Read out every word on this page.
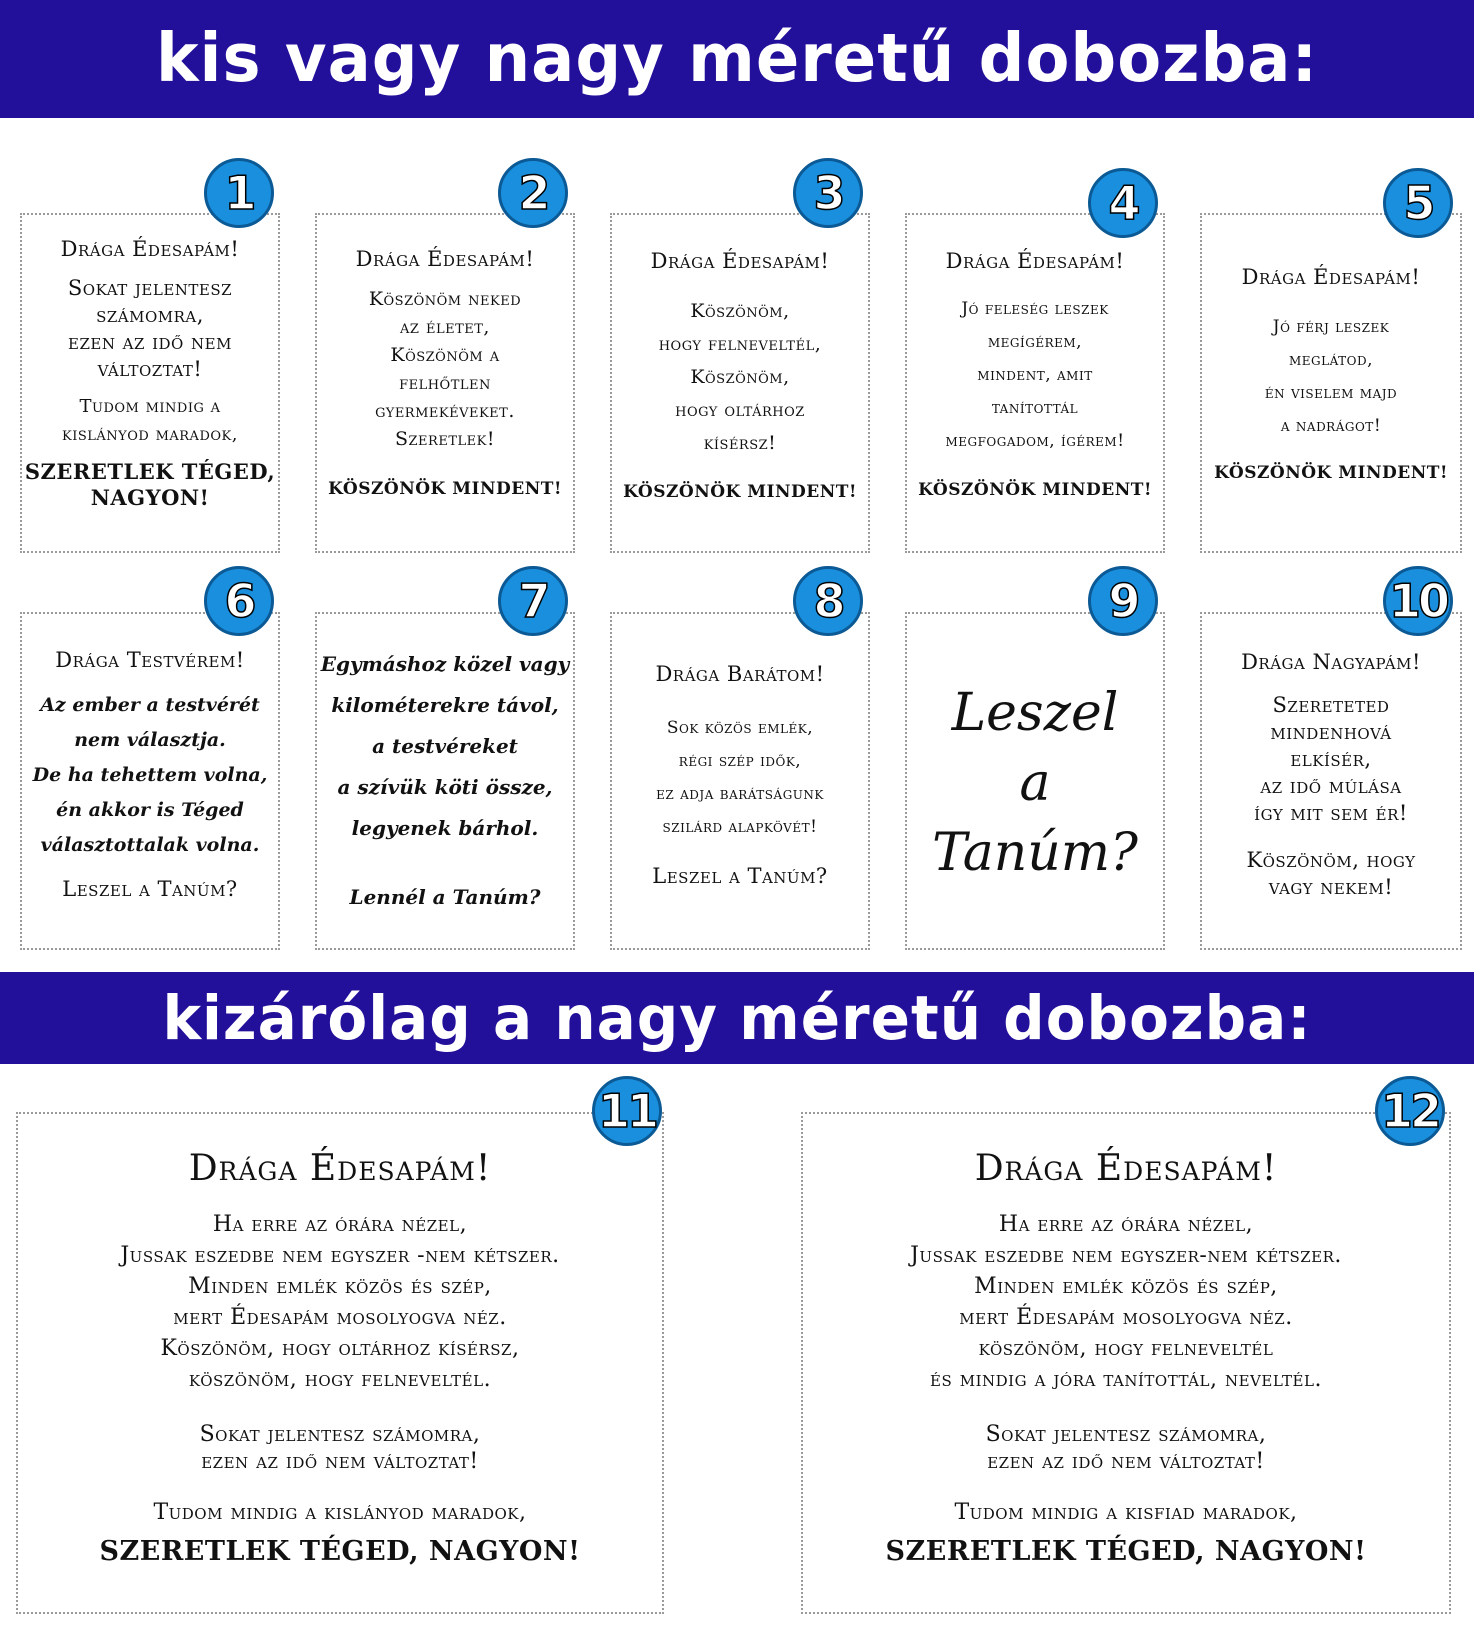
kis vagy nagy méretű dobozba:
kizárólag a nagy méretű dobozba:
Drága Édesapám!
Sokat jelentesz
számomra,
ezen az idő nem
változtat!
Tudom mindig a
kislányod maradok,
SZERETLEK TÉGED,
NAGYON!
Drága Édesapám!
Köszönöm neked
az életet,
Köszönöm a
felhőtlen
gyermekéveket.
Szeretlek!
KÖSZÖNÖK MINDENT!
Drága Édesapám!
Köszönöm,
hogy felneveltél,
Köszönöm,
hogy oltárhoz
kísérsz!
KÖSZÖNÖK MINDENT!
Drága Édesapám!
Jó feleség leszek
megígérem,
mindent, amit
tanítottál
megfogadom, ígérem!
KÖSZÖNÖK MINDENT!
Drága Édesapám!
Jó férj leszek
meglátod,
én viselem majd
a nadrágot!
KÖSZÖNÖK MINDENT!
Drága Testvérem!
Az ember a testvérét
nem választja.
De ha tehettem volna,
én akkor is Téged
választottalak volna.
Leszel a Tanúm?
Egymáshoz közel vagy
kilométerekre távol,
a testvéreket
a szívük köti össze,
legyenek bárhol.
Lennél a Tanúm?
Drága Barátom!
Sok közös emlék,
régi szép idők,
ez adja barátságunk
szilárd alapkövét!
Leszel a Tanúm?
Leszel
a
Tanúm?
Drága Nagyapám!
Szereteted
mindenhová
elkísér,
az idő múlása
így mit sem ér!
Köszönöm, hogy
vagy nekem!
Drága Édesapám!
Ha erre az órára nézel,
Jussak eszedbe nem egyszer -nem kétszer.
Minden emlék közös és szép,
mert Édesapám mosolyogva néz.
Köszönöm, hogy oltárhoz kísérsz,
köszönöm, hogy felneveltél.
Sokat jelentesz számomra,
ezen az idő nem változtat!
Tudom mindig a kislányod maradok,
SZERETLEK TÉGED, NAGYON!
Drága Édesapám!
Ha erre az órára nézel,
Jussak eszedbe nem egyszer-nem kétszer.
Minden emlék közös és szép,
mert Édesapám mosolyogva néz.
köszönöm, hogy felneveltél
és mindig a jóra tanítottál, neveltél.
Sokat jelentesz számomra,
ezen az idő nem változtat!
Tudom mindig a kisfiad maradok,
SZERETLEK TÉGED, NAGYON!
1	2	3	4	5
6	7	8	9	10
11	12
